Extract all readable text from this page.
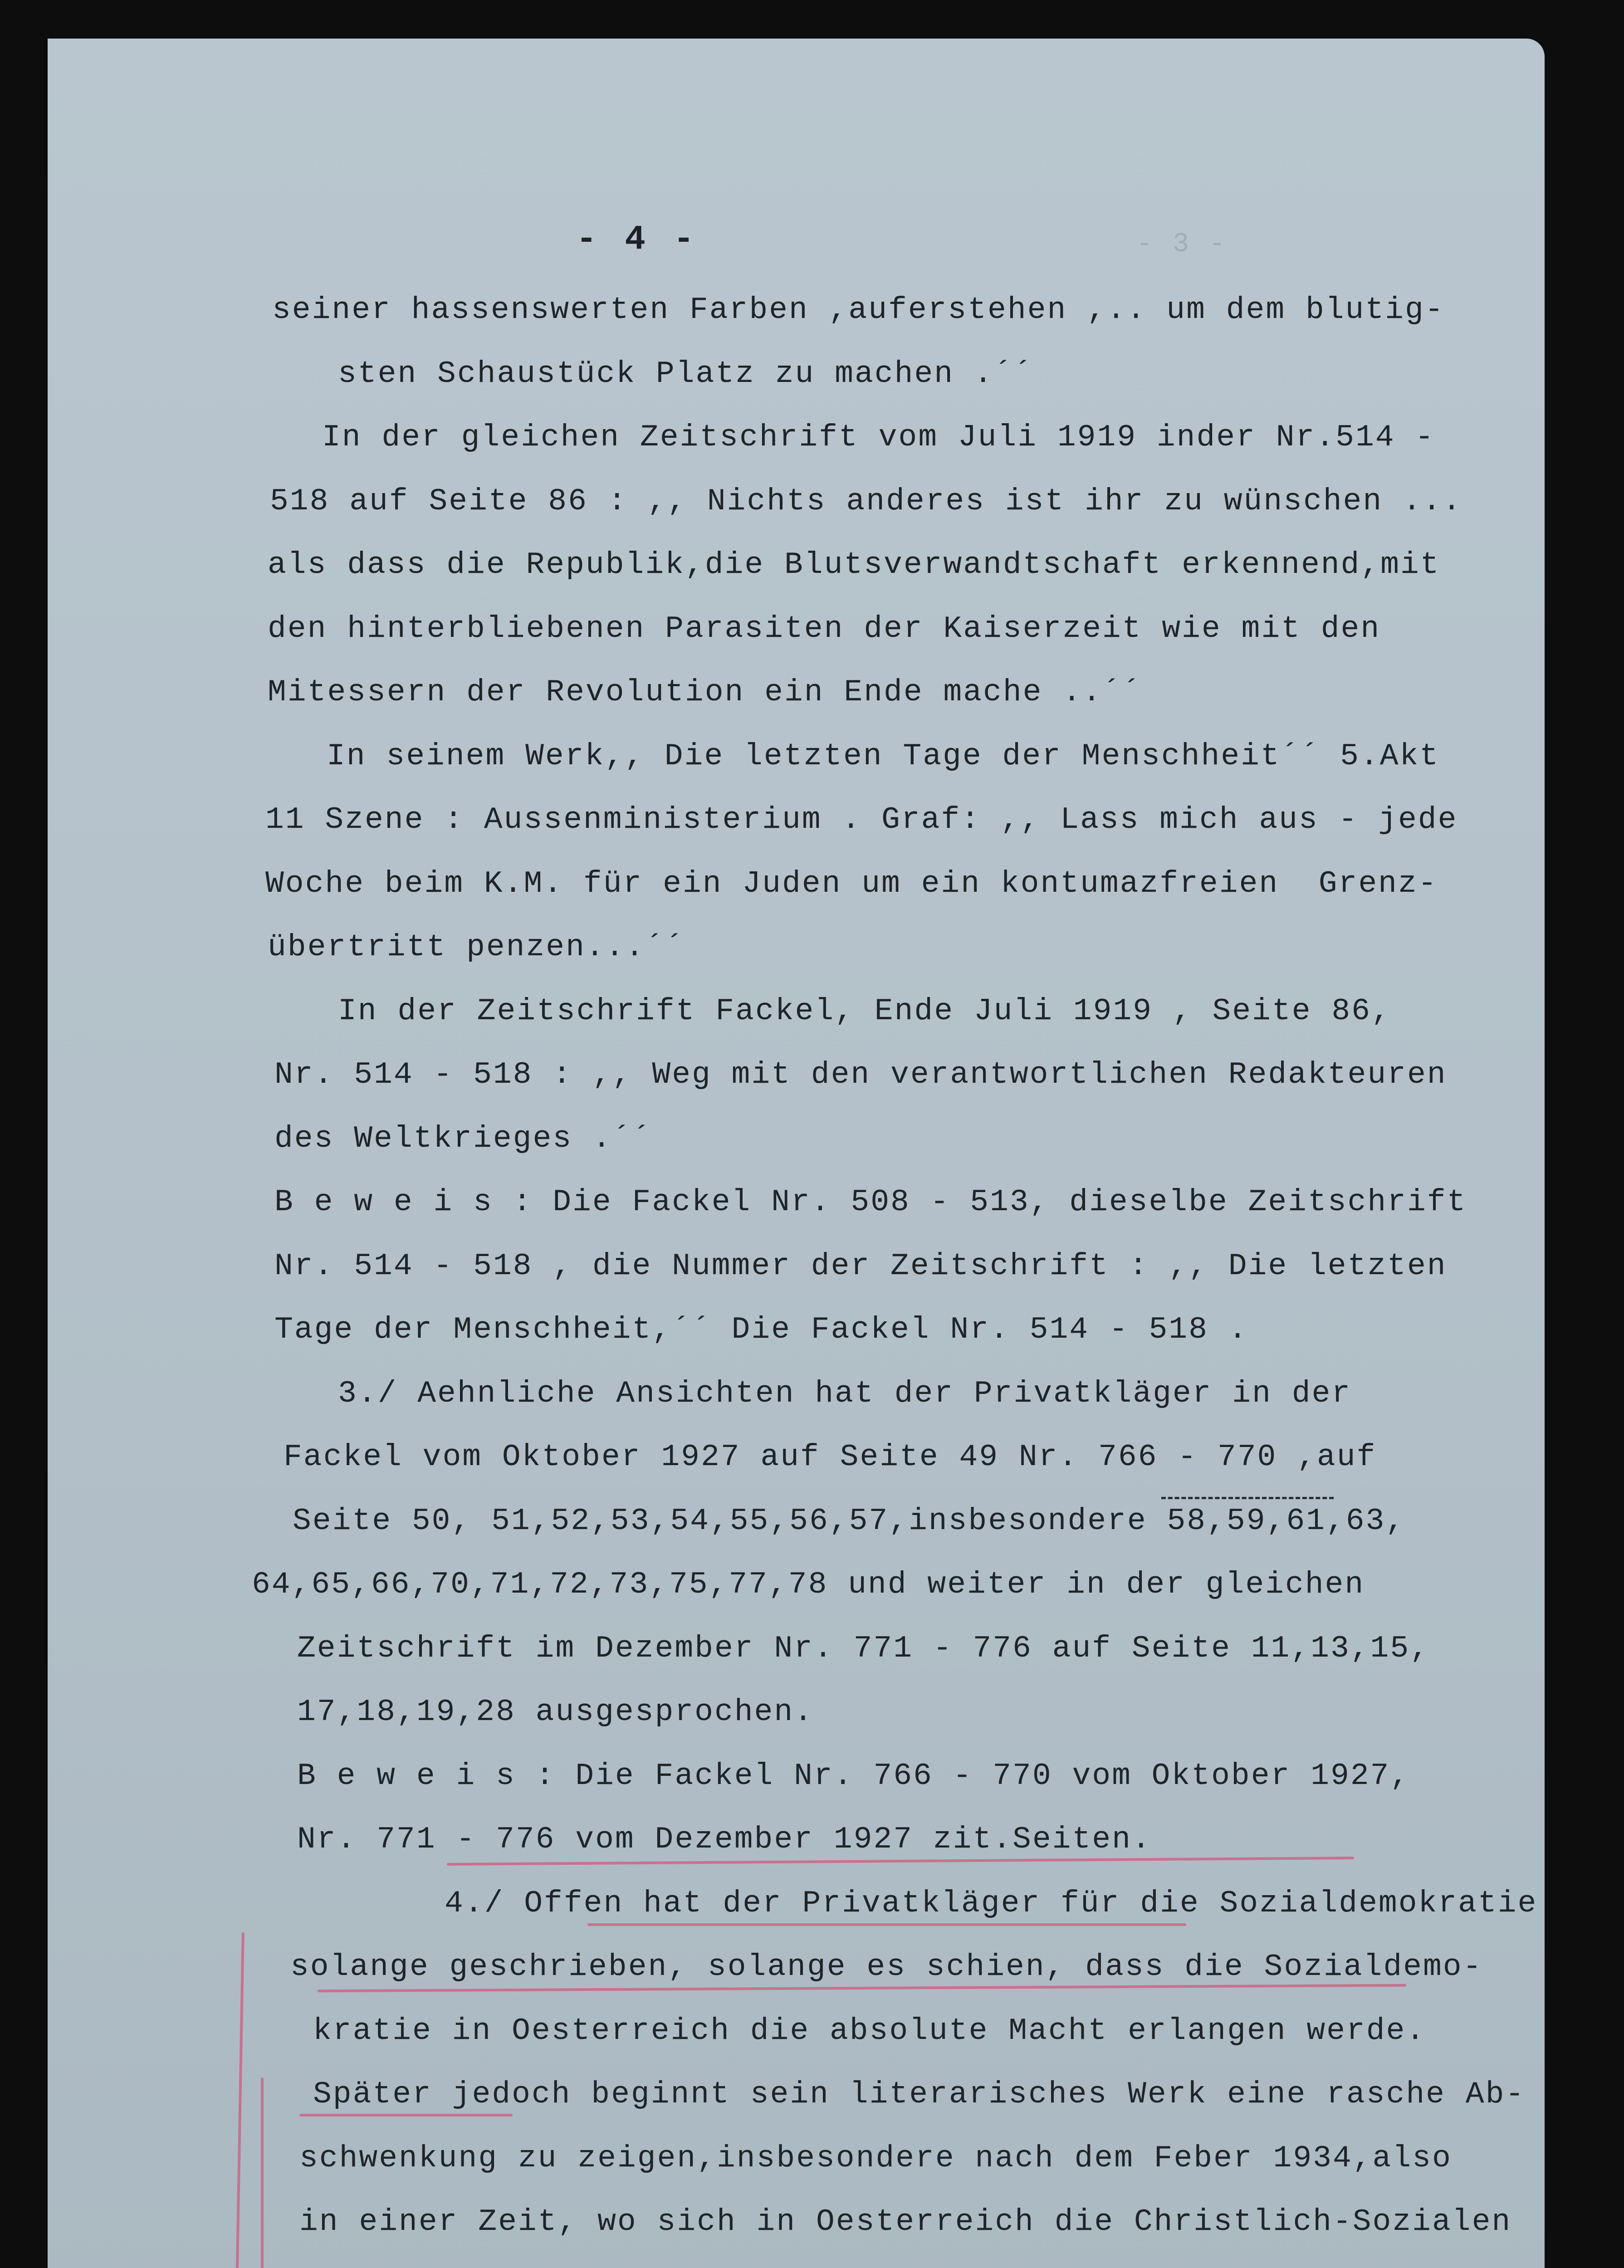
- 3 -
- 4 -
seiner hassenswerten Farben ,auferstehen ,.. um dem blutig-
sten Schaustück Platz zu machen .´´
In der gleichen Zeitschrift vom Juli 1919 inder Nr.514 -
518 auf Seite 86 : ,, Nichts anderes ist ihr zu wünschen ...
als dass die Republik,die Blutsverwandtschaft erkennend,mit
den hinterbliebenen Parasiten der Kaiserzeit wie mit den
Mitessern der Revolution ein Ende mache ..´´
In seinem Werk,, Die letzten Tage der Menschheit´´ 5.Akt
11 Szene : Aussenministerium . Graf: ,, Lass mich aus - jede
Woche beim K.M. für ein Juden um ein kontumazfreien  Grenz-
übertritt penzen...´´
In der Zeitschrift Fackel, Ende Juli 1919 , Seite 86,
Nr. 514 - 518 : ,, Weg mit den verantwortlichen Redakteuren
des Weltkrieges .´´
B e w e i s : Die Fackel Nr. 508 - 513, dieselbe Zeitschrift
Nr. 514 - 518 , die Nummer der Zeitschrift : ,, Die letzten
Tage der Menschheit,´´ Die Fackel Nr. 514 - 518 .
3./ Aehnliche Ansichten hat der Privatkläger in der
Fackel vom Oktober 1927 auf Seite 49 Nr. 766 - 770 ,auf
Seite 50, 51,52,53,54,55,56,57,insbesondere 58,59,61,63,
64,65,66,70,71,72,73,75,77,78 und weiter in der gleichen
Zeitschrift im Dezember Nr. 771 - 776 auf Seite 11,13,15,
17,18,19,28 ausgesprochen.
B e w e i s : Die Fackel Nr. 766 - 770 vom Oktober 1927,
Nr. 771 - 776 vom Dezember 1927 zit.Seiten.
4./ Offen hat der Privatkläger für die Sozialdemokratie
solange geschrieben, solange es schien, dass die Sozialdemo-
kratie in Oesterreich die absolute Macht erlangen werde.
Später jedoch beginnt sein literarisches Werk eine rasche Ab-
schwenkung zu zeigen,insbesondere nach dem Feber 1934,also
in einer Zeit, wo sich in Oesterreich die Christlich-Sozialen
